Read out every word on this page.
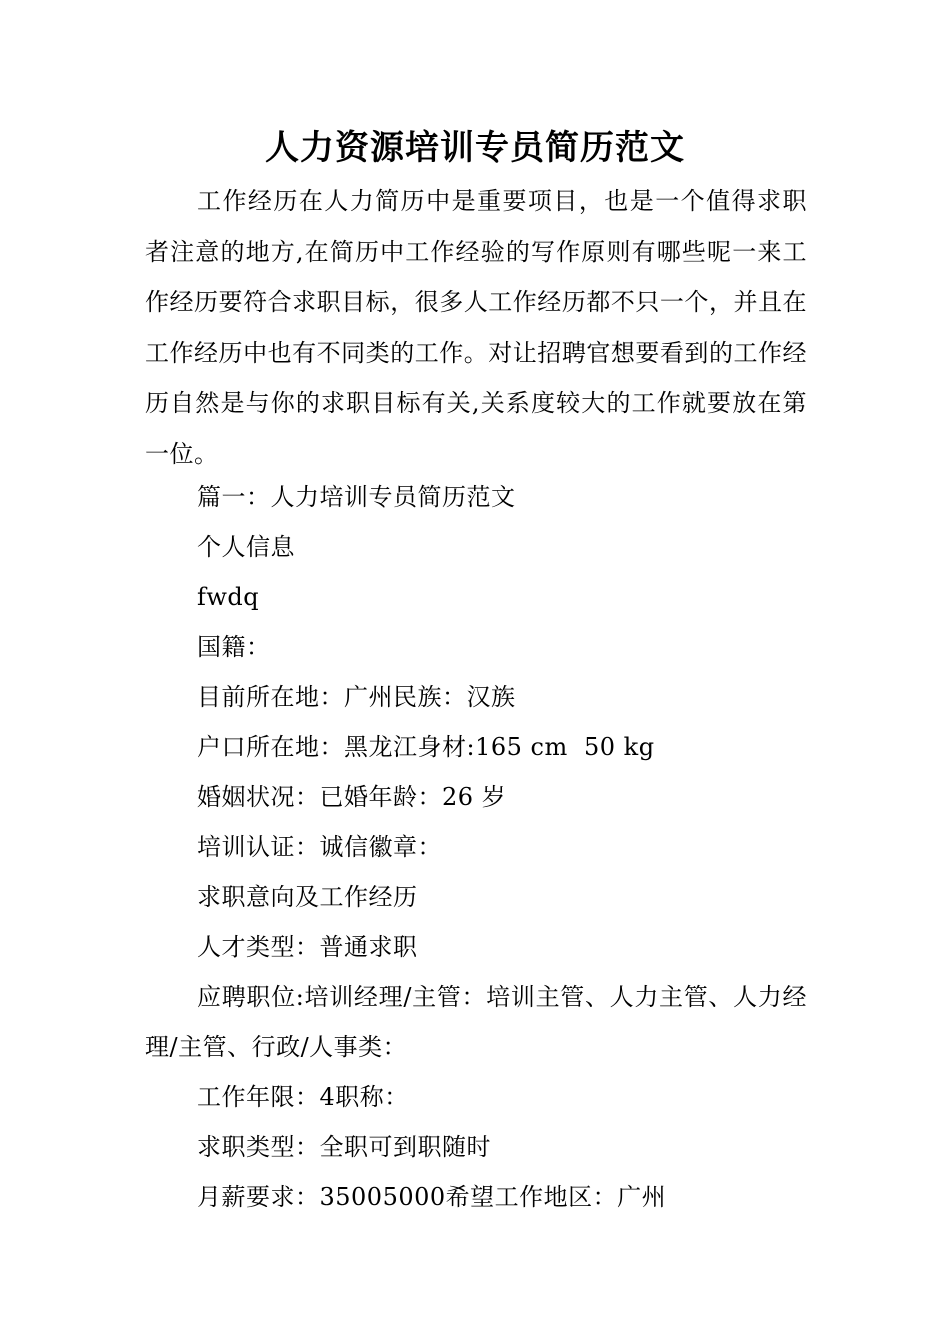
人力资源培训专员简历范文

工作经历在人力简历中是重要项目，也是一个值得求职者注意的地方,在简历中工作经验的写作原则有哪些呢一来工作经历要符合求职目标，很多人工作经历都不只一个，并且在工作经历中也有不同类的工作。对让招聘官想要看到的工作经历自然是与你的求职目标有关,关系度较大的工作就要放在第一位。

篇一：人力培训专员简历范文

个人信息

fwdq

国籍：

目前所在地：广州民族：汉族

户口所在地：黑龙江身材:165 cm  50 kg

婚姻状况：已婚年龄：26 岁

培训认证：诚信徽章：

求职意向及工作经历

人才类型：普通求职

应聘职位:培训经理/主管：培训主管、人力主管、人力经理/主管、行政/人事类：

工作年限：4职称：

求职类型：全职可到职随时

月薪要求：35005000希望工作地区：广州
